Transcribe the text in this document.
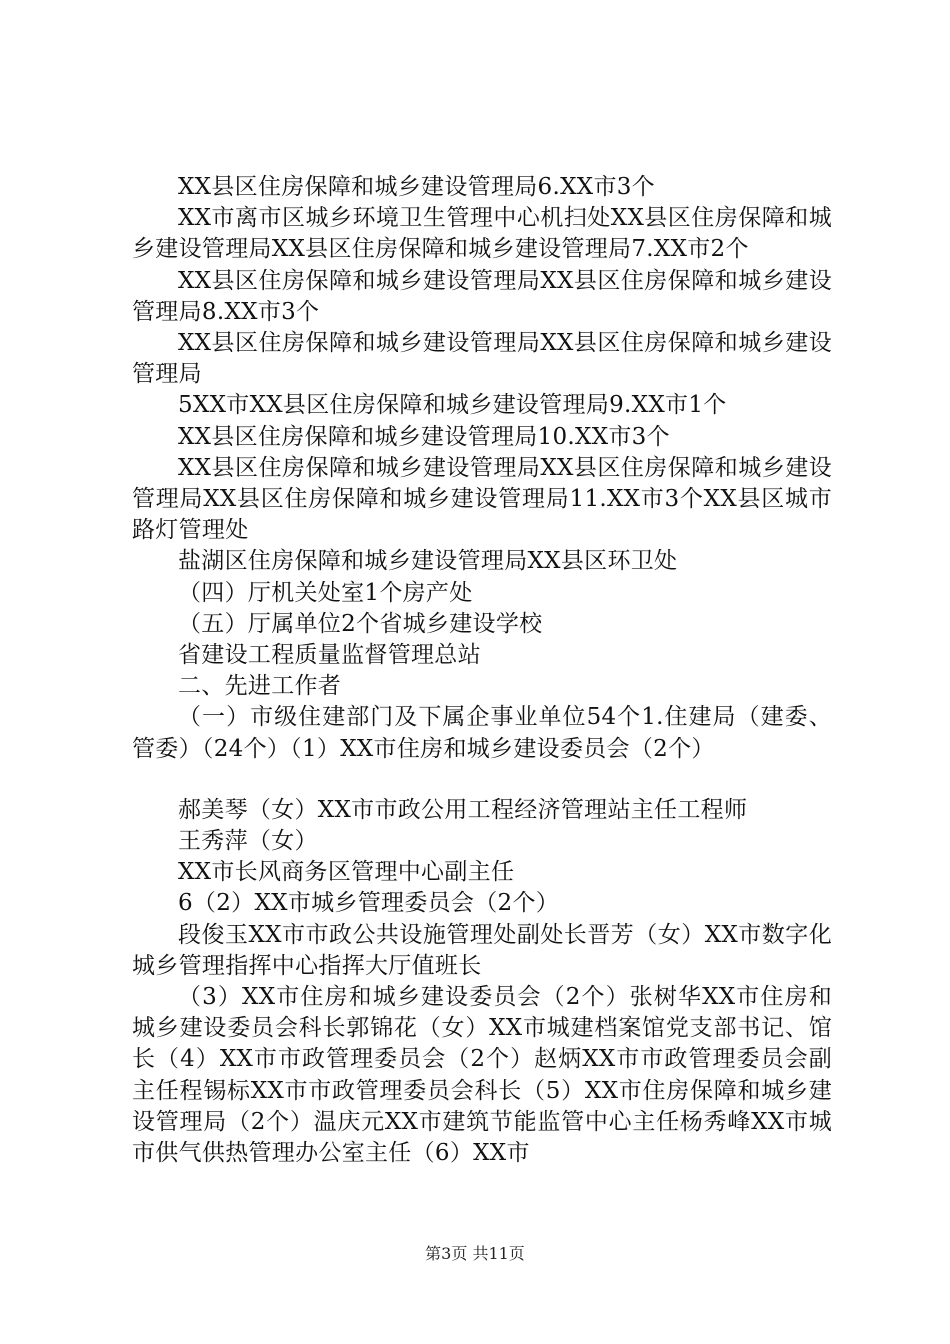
XX县区住房保障和城乡建设管理局6.XX市3个

XX市离市区城乡环境卫生管理中心机扫处XX县区住房保障和城乡建设管理局XX县区住房保障和城乡建设管理局7.XX市2个

XX县区住房保障和城乡建设管理局XX县区住房保障和城乡建设管理局8.XX市3个

XX县区住房保障和城乡建设管理局XX县区住房保障和城乡建设管理局

5XX市XX县区住房保障和城乡建设管理局9.XX市1个

XX县区住房保障和城乡建设管理局10.XX市3个

XX县区住房保障和城乡建设管理局XX县区住房保障和城乡建设管理局XX县区住房保障和城乡建设管理局11.XX市3个XX县区城市路灯管理处

盐湖区住房保障和城乡建设管理局XX县区环卫处

（四）厅机关处室1个房产处

（五）厅属单位2个省城乡建设学校

省建设工程质量监督管理总站

二、先进工作者

（一）市级住建部门及下属企事业单位54个1.住建局（建委、管委）（24个）（1）XX市住房和城乡建设委员会（2个）

郝美琴（女）XX市市政公用工程经济管理站主任工程师

王秀萍（女）

XX市长风商务区管理中心副主任

6（2）XX市城乡管理委员会（2个）

段俊玉XX市市政公共设施管理处副处长晋芳（女）XX市数字化城乡管理指挥中心指挥大厅值班长

（3）XX市住房和城乡建设委员会（2个）张树华XX市住房和城乡建设委员会科长郭锦花（女）XX市城建档案馆党支部书记、馆长（4）XX市市政管理委员会（2个）赵炳XX市市政管理委员会副主任程锡标XX市市政管理委员会科长（5）XX市住房保障和城乡建设管理局（2个）温庆元XX市建筑节能监管中心主任杨秀峰XX市城市供气供热管理办公室主任（6）XX市

第3页 共11页
